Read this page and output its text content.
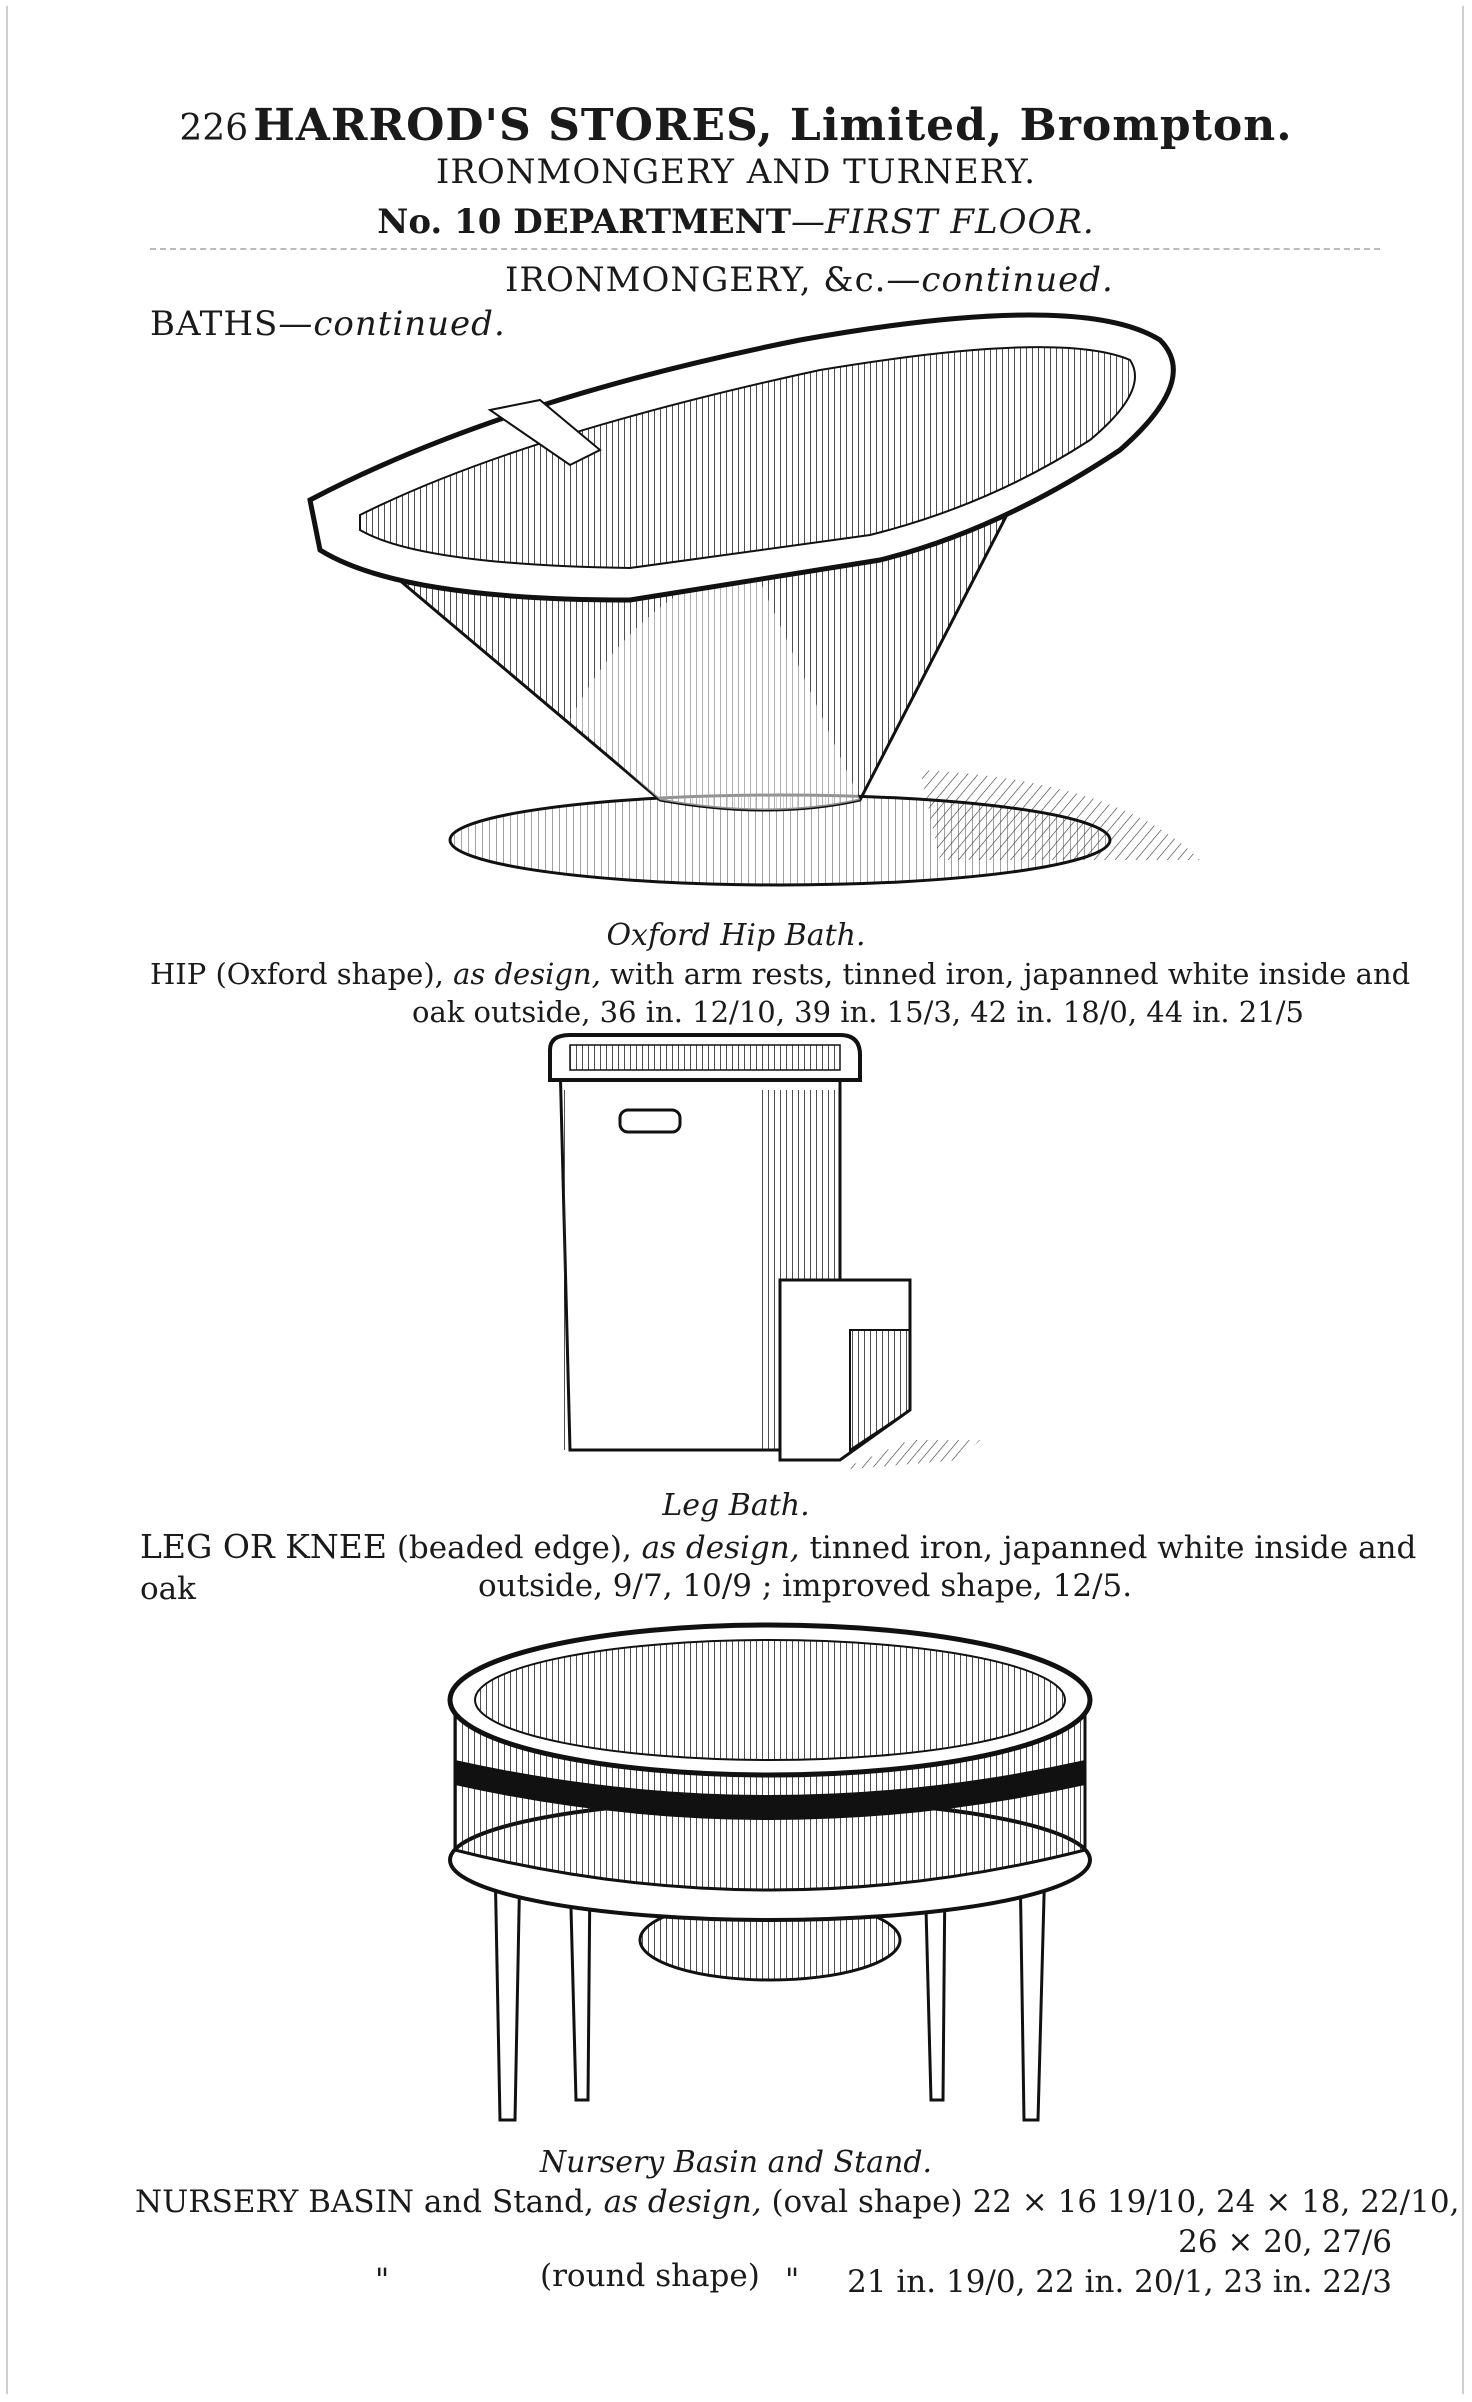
226 HARROD'S STORES, Limited, Brompton.
IRONMONGERY AND TURNERY.
No. 10 DEPARTMENT—FIRST FLOOR.
IRONMONGERY, &c.—continued.
BATHS—continued.
Oxford Hip Bath.
HIP (Oxford shape), as design, with arm rests, tinned iron, japanned white inside and
oak outside, 36 in. 12/10, 39 in. 15/3, 42 in. 18/0, 44 in. 21/5
Leg Bath.
LEG OR KNEE (beaded edge), as design, tinned iron, japanned white inside and oak	outside, 9/7, 10/9 ; improved shape, 12/5.
Nursery Basin and Stand.
NURSERY BASIN and Stand, as design, (oval shape) 22 × 16 19/10, 24 × 18, 22/10,
26 × 20, 27/6
"	(round shape) " 21 in. 19/0, 22 in. 20/1, 23 in. 22/3
